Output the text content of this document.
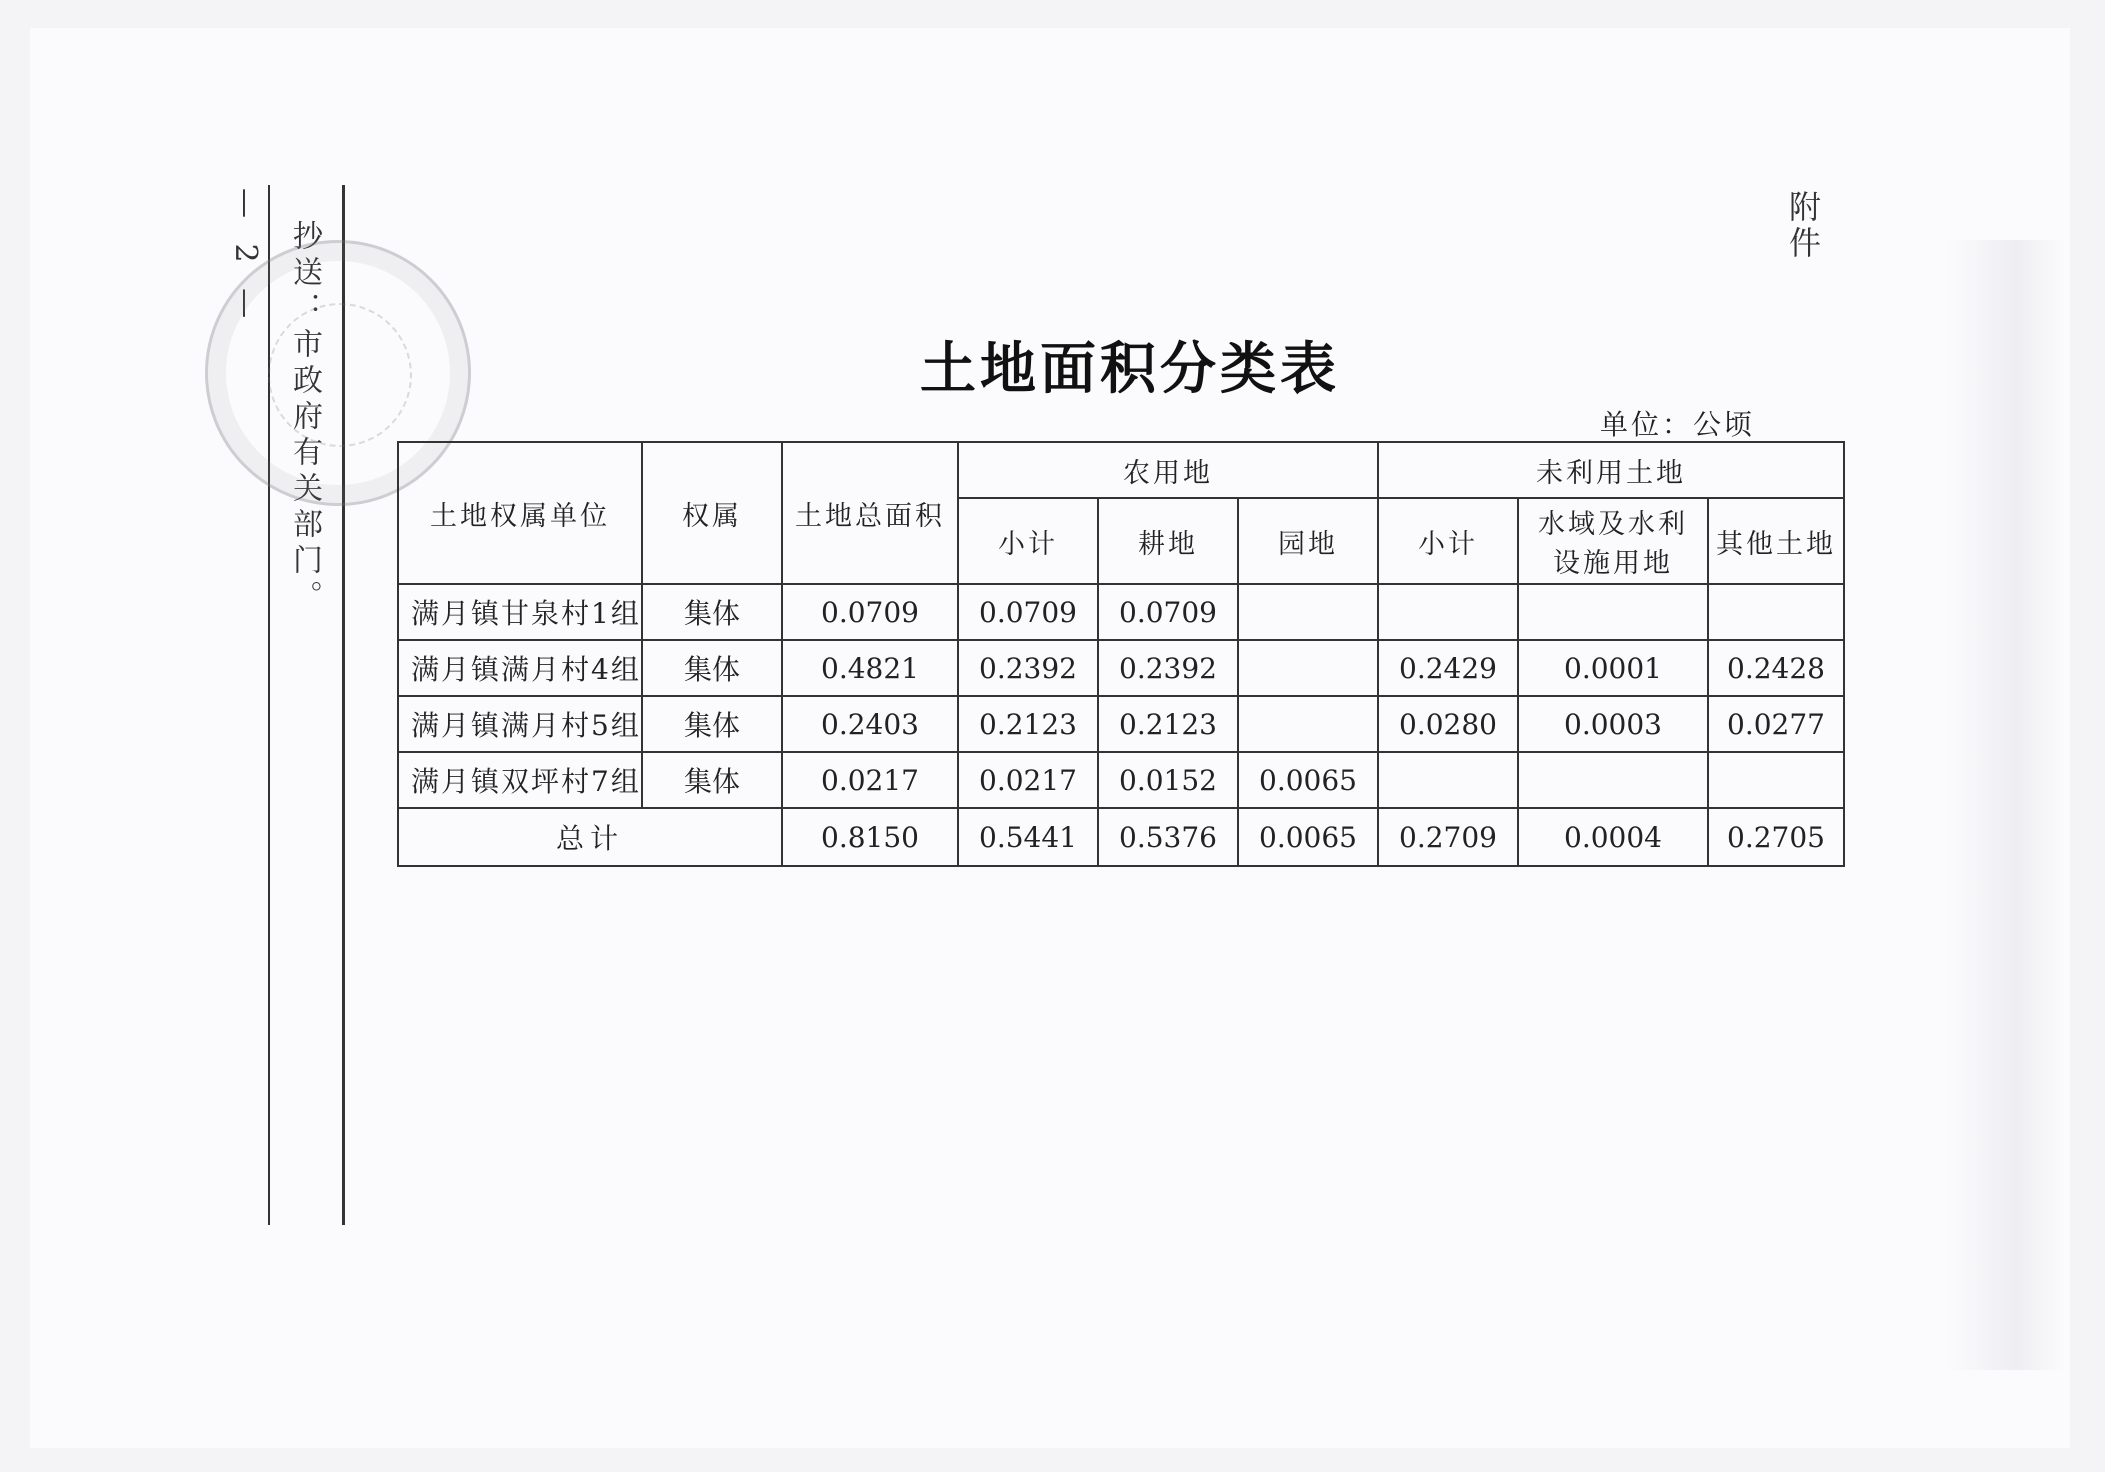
— 2 — 抄送：市政府有关部门。
附件
土地面积分类表
单位：公顷
土地权属单位	权属	土地总面积	农用地			未利用土地		
			小计	耕地	园地	小计	水域及水利
设施用地	其他土地
满月镇甘泉村1组	集体	0.0709	0.0709	0.0709				
满月镇满月村4组	集体	0.4821	0.2392	0.2392		0.2429	0.0001	0.2428
满月镇满月村5组	集体	0.2403	0.2123	0.2123		0.0280	0.0003	0.0277
满月镇双坪村7组	集体	0.0217	0.0217	0.0152	0.0065			
总计		0.8150	0.5441	0.5376	0.0065	0.2709	0.0004	0.2705
